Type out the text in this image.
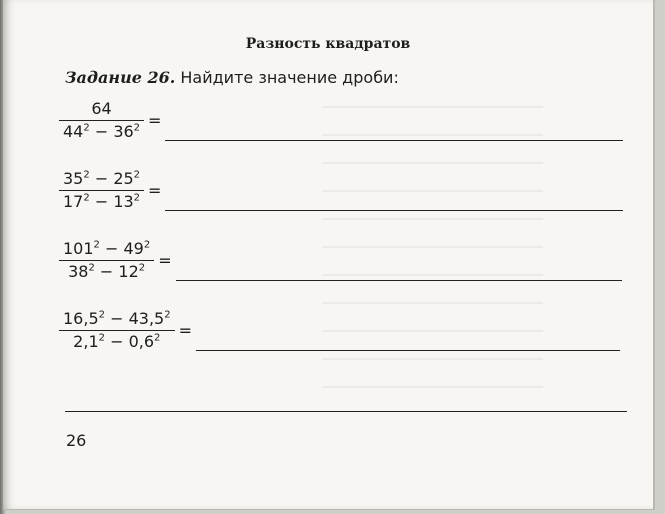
Разность квадратов
Задание 26. Найдите значение дроби:
$\frac{64}{44^2 - 36^2}$ =
$\frac{35^2 - 25^2}{17^2 - 13^2}$ =
$\frac{101^2 - 49^2}{38^2 - 12^2}$ =
$\frac{16,5^2 - 43,5^2}{2,1^2 - 0,6^2}$ =
26
